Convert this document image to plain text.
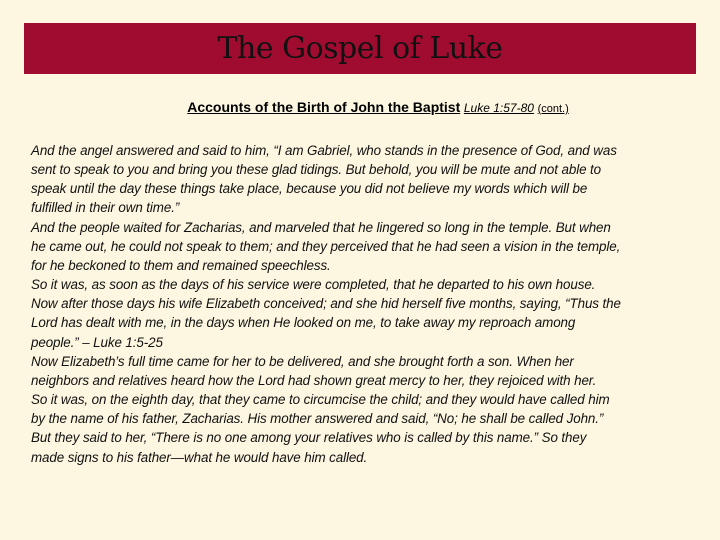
The Gospel of Luke
Accounts of the Birth of John the Baptist Luke 1:57-80 (cont.)
And the angel answered and said to him, “I am Gabriel, who stands in the presence of God, and was
sent to speak to you and bring you these glad tidings. But behold, you will be mute and not able to
speak until the day these things take place, because you did not believe my words which will be
fulfilled in their own time.”
And the people waited for Zacharias, and marveled that he lingered so long in the temple. But when
he came out, he could not speak to them; and they perceived that he had seen a vision in the temple,
for he beckoned to them and remained speechless.
So it was, as soon as the days of his service were completed, that he departed to his own house.
Now after those days his wife Elizabeth conceived; and she hid herself five months, saying, “Thus the
Lord has dealt with me, in the days when He looked on me, to take away my reproach among
people.” – Luke 1:5-25
Now Elizabeth’s full time came for her to be delivered, and she brought forth a son. When her
neighbors and relatives heard how the Lord had shown great mercy to her, they rejoiced with her.
So it was, on the eighth day, that they came to circumcise the child; and they would have called him
by the name of his father, Zacharias. His mother answered and said, “No; he shall be called John.”
But they said to her, “There is no one among your relatives who is called by this name.” So they
made signs to his father—what he would have him called.
